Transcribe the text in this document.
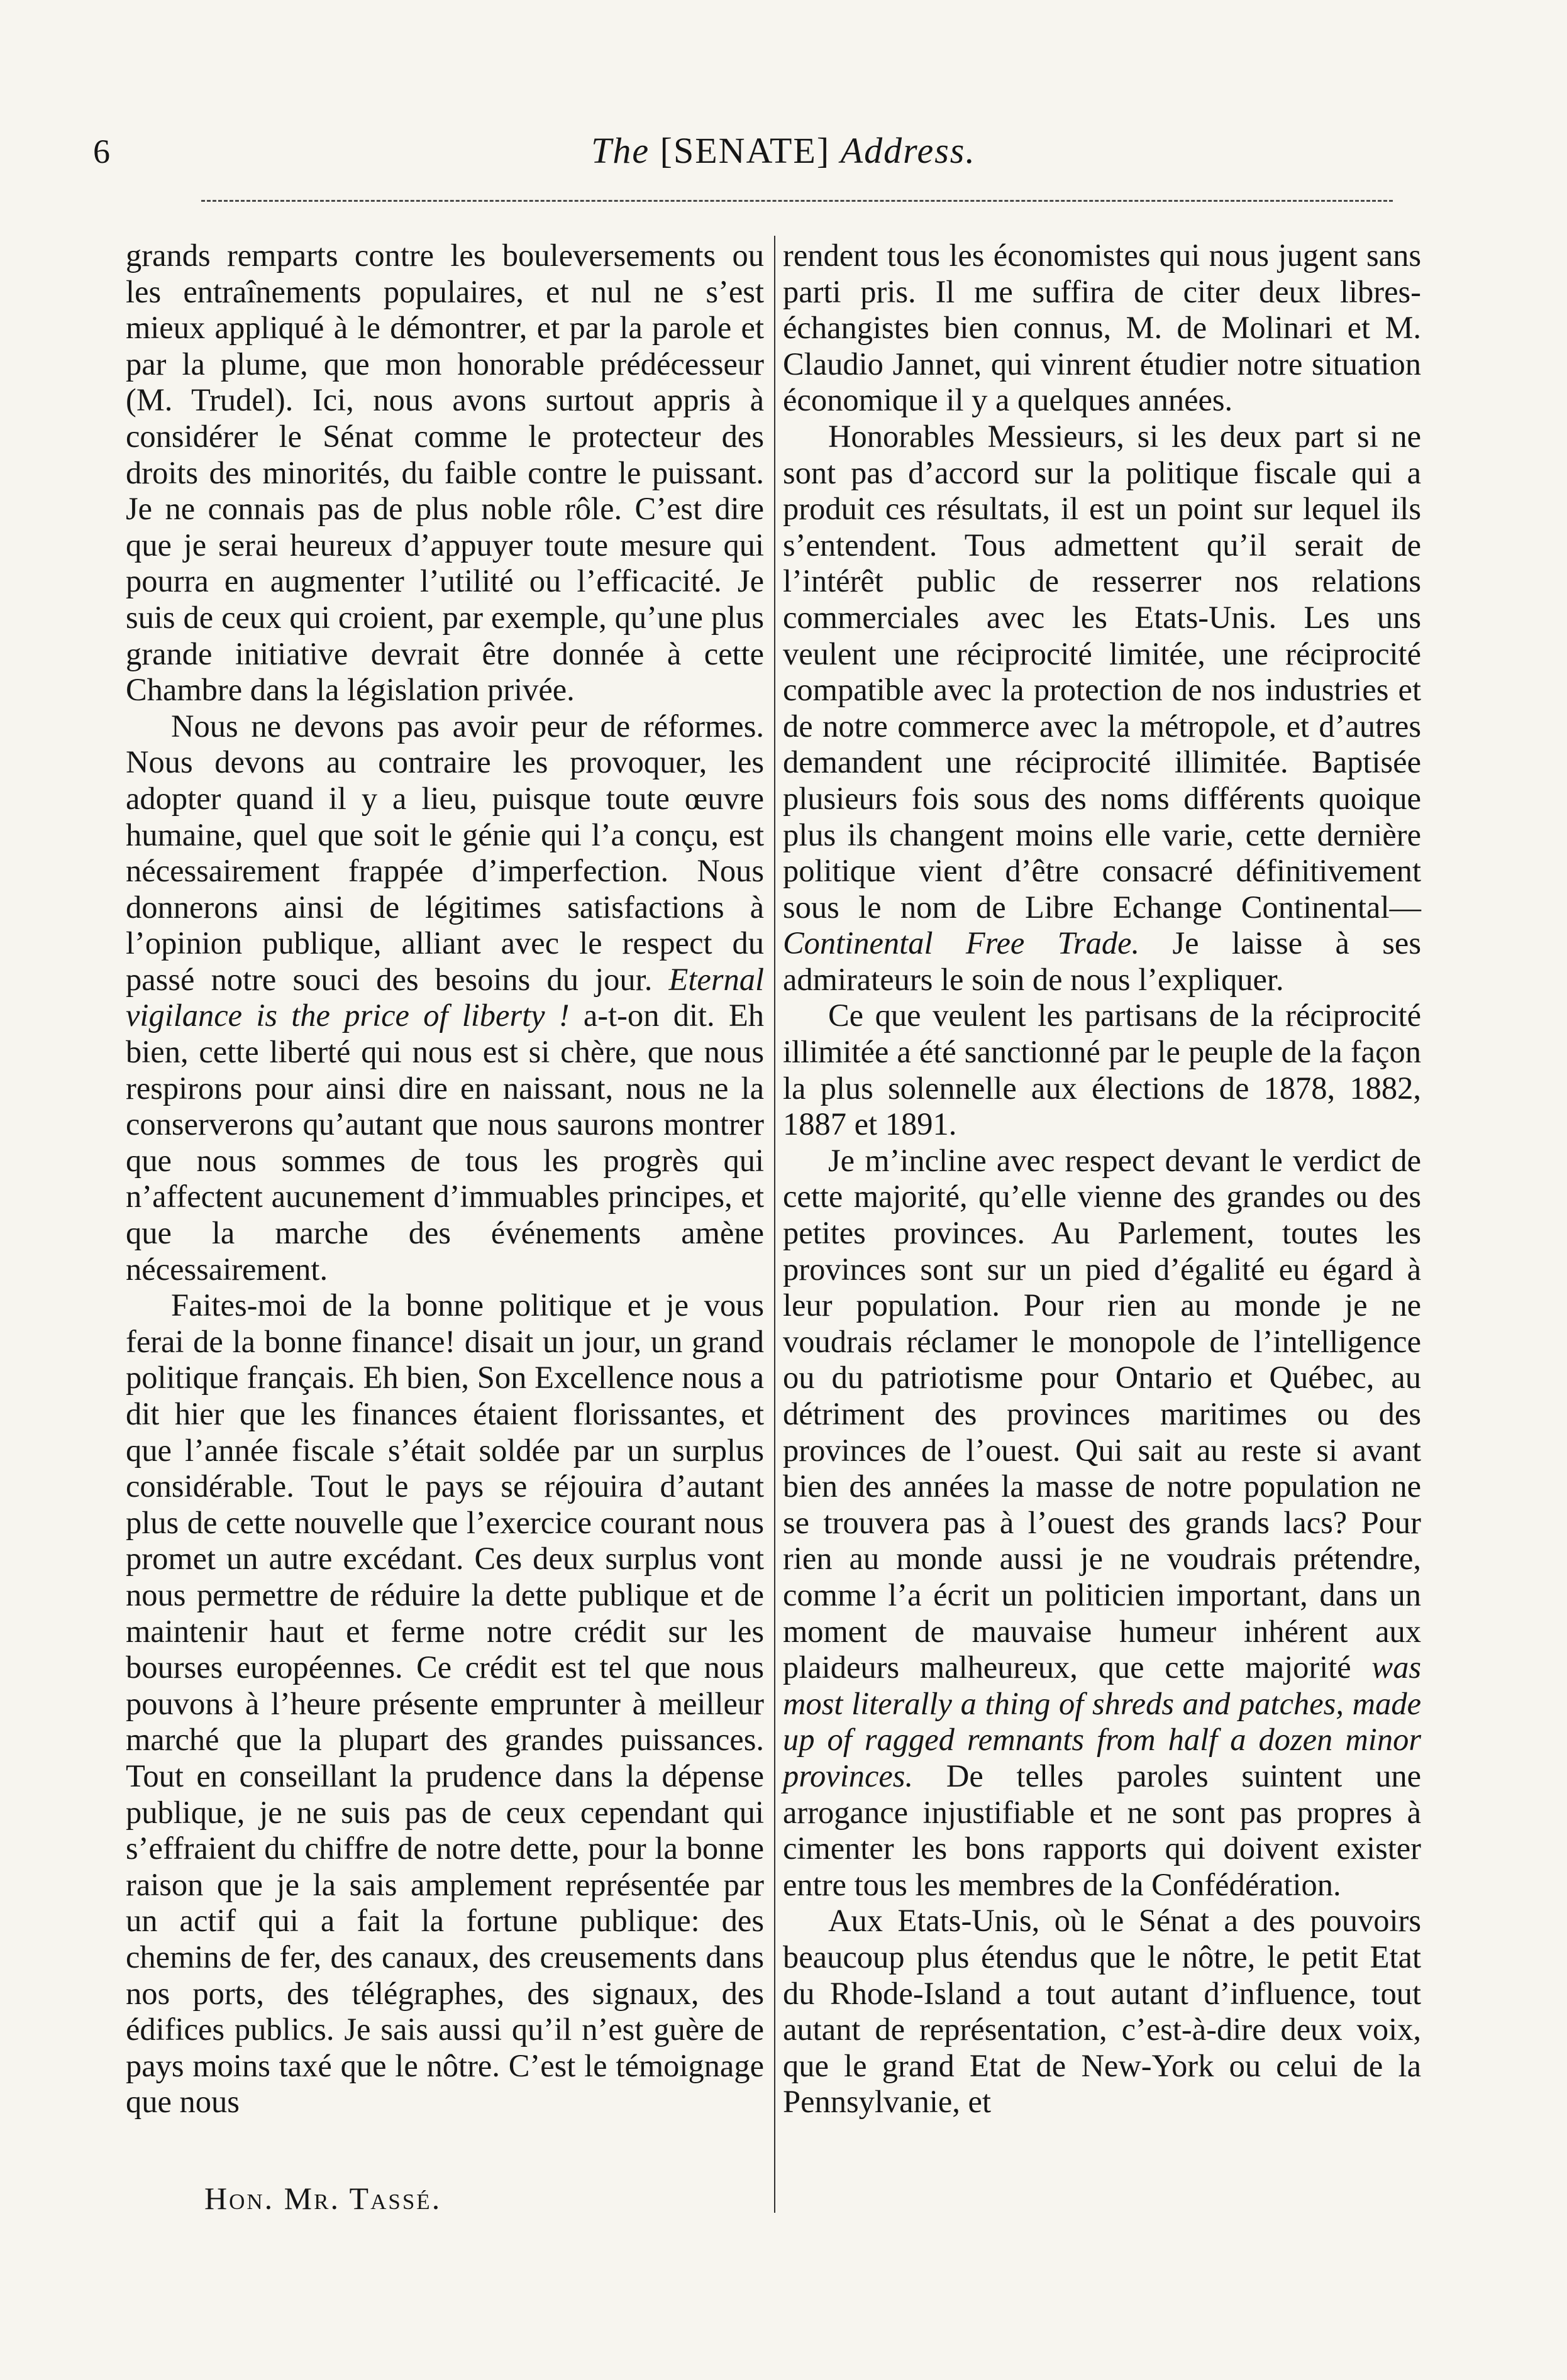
6	The [SENATE] Address.

grands remparts contre les bouleversements ou les entraînements populaires, et nul ne s’est mieux appliqué à le démontrer, et par la parole et par la plume, que mon honorable prédécesseur (M. Trudel). Ici, nous avons surtout appris à considérer le Sénat comme le protecteur des droits des minorités, du faible contre le puissant. Je ne connais pas de plus noble rôle. C’est dire que je serai heureux d’appuyer toute mesure qui pourra en augmenter l’utilité ou l’efficacité. Je suis de ceux qui croient, par exemple, qu’une plus grande initiative devrait être donnée à cette Chambre dans la législation privée.

Nous ne devons pas avoir peur de réformes. Nous devons au contraire les provoquer, les adopter quand il y a lieu, puisque toute œuvre humaine, quel que soit le génie qui l’a conçu, est nécessairement frappée d’imperfection. Nous donnerons ainsi de légitimes satisfactions à l’opinion publique, alliant avec le respect du passé notre souci des besoins du jour. Eternal vigilance is the price of liberty ! a-t-on dit. Eh bien, cette liberté qui nous est si chère, que nous respirons pour ainsi dire en naissant, nous ne la conserverons qu’autant que nous saurons montrer que nous sommes de tous les progrès qui n’affectent aucunement d’immuables principes, et que la marche des événements amène nécessairement.

Faites-moi de la bonne politique et je vous ferai de la bonne finance! disait un jour, un grand politique français. Eh bien, Son Excellence nous a dit hier que les finances étaient florissantes, et que l’année fiscale s’était soldée par un surplus considérable. Tout le pays se réjouira d’autant plus de cette nouvelle que l’exercice courant nous promet un autre excédant. Ces deux surplus vont nous permettre de réduire la dette publique et de maintenir haut et ferme notre crédit sur les bourses européennes. Ce crédit est tel que nous pouvons à l’heure présente emprunter à meilleur marché que la plupart des grandes puissances. Tout en conseillant la prudence dans la dépense publique, je ne suis pas de ceux cependant qui s’effraient du chiffre de notre dette, pour la bonne raison que je la sais amplement représentée par un actif qui a fait la fortune publique: des chemins de fer, des canaux, des creusements dans nos ports, des télégraphes, des signaux, des édifices publics. Je sais aussi qu’il n’est guère de pays moins taxé que le nôtre. C’est le témoignage que nous

rendent tous les économistes qui nous jugent sans parti pris. Il me suffira de citer deux libres-échangistes bien connus, M. de Molinari et M. Claudio Jannet, qui vinrent étudier notre situation économique il y a quelques années.

Honorables Messieurs, si les deux part si ne sont pas d’accord sur la politique fiscale qui a produit ces résultats, il est un point sur lequel ils s’entendent. Tous admettent qu’il serait de l’intérêt public de resserrer nos relations commerciales avec les Etats-Unis. Les uns veulent une réciprocité limitée, une réciprocité compatible avec la protection de nos industries et de notre commerce avec la métropole, et d’autres demandent une réciprocité illimitée. Baptisée plusieurs fois sous des noms différents quoique plus ils changent moins elle varie, cette dernière politique vient d’être consacré définitivement sous le nom de Libre Echange Continental—Continental Free Trade. Je laisse à ses admirateurs le soin de nous l’expliquer.

Ce que veulent les partisans de la réciprocité illimitée a été sanctionné par le peuple de la façon la plus solennelle aux élections de 1878, 1882, 1887 et 1891.

Je m’incline avec respect devant le verdict de cette majorité, qu’elle vienne des grandes ou des petites provinces. Au Parlement, toutes les provinces sont sur un pied d’égalité eu égard à leur population. Pour rien au monde je ne voudrais réclamer le monopole de l’intelligence ou du patriotisme pour Ontario et Québec, au détriment des provinces maritimes ou des provinces de l’ouest. Qui sait au reste si avant bien des années la masse de notre population ne se trouvera pas à l’ouest des grands lacs? Pour rien au monde aussi je ne voudrais prétendre, comme l’a écrit un politicien important, dans un moment de mauvaise humeur inhérent aux plaideurs malheureux, que cette majorité was most literally a thing of shreds and patches, made up of ragged remnants from half a dozen minor provinces. De telles paroles suintent une arrogance injustifiable et ne sont pas propres à cimenter les bons rapports qui doivent exister entre tous les membres de la Confédération.

Aux Etats-Unis, où le Sénat a des pouvoirs beaucoup plus étendus que le nôtre, le petit Etat du Rhode-Island a tout autant d’influence, tout autant de représentation, c’est-à-dire deux voix, que le grand Etat de New-York ou celui de la Pennsylvanie, et

Hon. Mr. Tassé.
